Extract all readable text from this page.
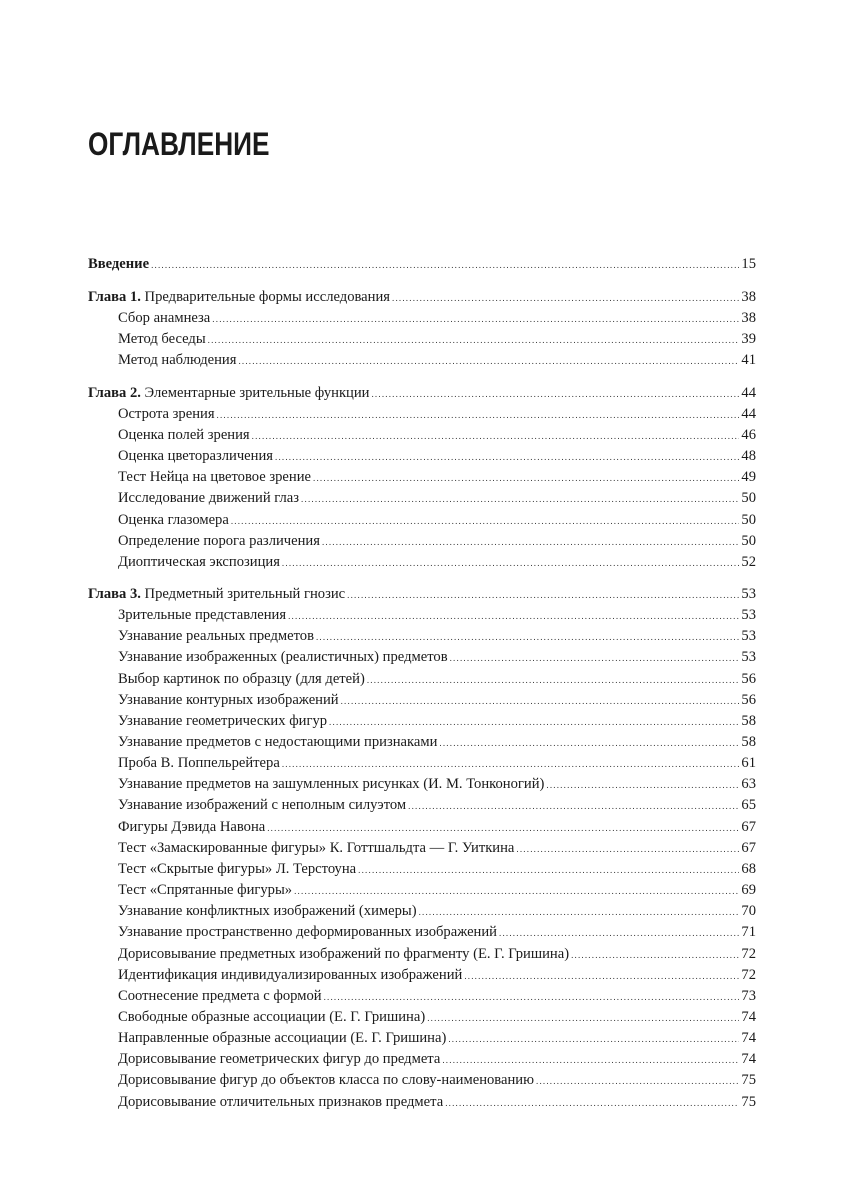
ОГЛАВЛЕНИЕ
Введение .....	15
Глава 1. Предварительные формы исследования .....	38
Сбор анамнеза .....	38
Метод беседы .....	39
Метод наблюдения .....	41
Глава 2. Элементарные зрительные функции .....	44
Острота зрения .....	44
Оценка полей зрения .....	46
Оценка цветоразличения .....	48
Тест Нейца на цветовое зрение .....	49
Исследование движений глаз .....	50
Оценка глазомера .....	50
Определение порога различения .....	50
Диоптическая экспозиция .....	52
Глава 3. Предметный зрительный гнозис .....	53
Зрительные представления .....	53
Узнавание реальных предметов .....	53
Узнавание изображенных (реалистичных) предметов .....	53
Выбор картинок по образцу (для детей) .....	56
Узнавание контурных изображений .....	56
Узнавание геометрических фигур .....	58
Узнавание предметов с недостающими признаками .....	58
Проба В. Поппельрейтера .....	61
Узнавание предметов на зашумленных рисунках (И. М. Тонконогий) .....	63
Узнавание изображений с неполным силуэтом .....	65
Фигуры Дэвида Навона .....	67
Тест «Замаскированные фигуры» К. Готтшальдта — Г. Уиткина .....	67
Тест «Скрытые фигуры» Л. Терстоуна .....	68
Тест «Спрятанные фигуры» .....	69
Узнавание конфликтных изображений (химеры) .....	70
Узнавание пространственно деформированных изображений .....	71
Дорисовывание предметных изображений по фрагменту (Е. Г. Гришина) .....	72
Идентификация индивидуализированных изображений .....	72
Соотнесение предмета с формой .....	73
Свободные образные ассоциации (Е. Г. Гришина) .....	74
Направленные образные ассоциации (Е. Г. Гришина) .....	74
Дорисовывание геометрических фигур до предмета .....	74
Дорисовывание фигур до объектов класса по слову-наименованию .....	75
Дорисовывание отличительных признаков предмета .....	75
